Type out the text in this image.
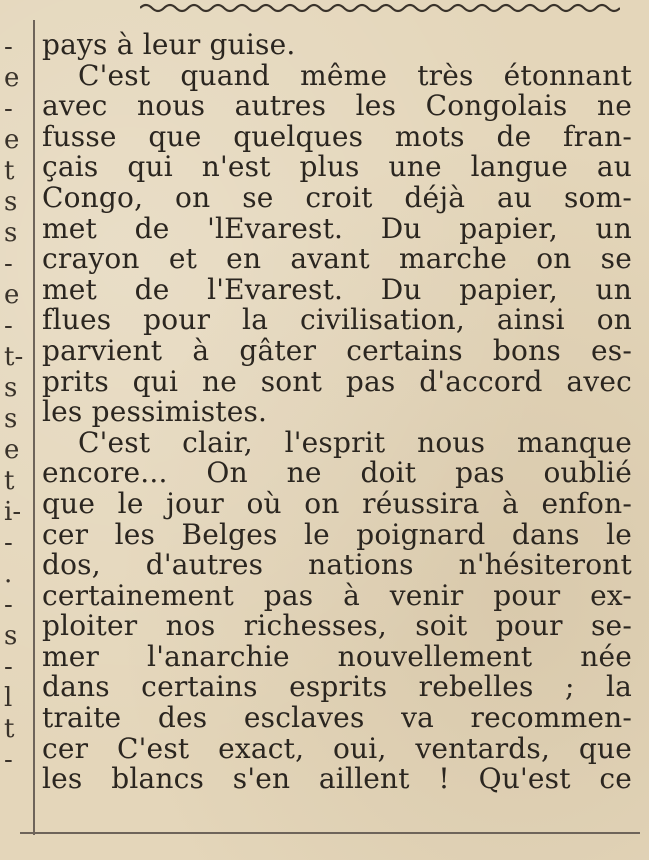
-
e
-
e
t
s
s
-
e
-
t-
s
s
e
t
i-
-
.
-
s
-
l
t
-
pays à leur guise.
C'est quand même très étonnant
avec nous autres les Congolais ne
fusse que quelques mots de fran-
çais qui n'est plus une langue au
Congo, on se croit déjà au som-
met de 'lEvarest. Du papier, un
crayon et en avant marche on se
met de l'Evarest. Du papier, un
flues pour la civilisation, ainsi on
parvient à gâter certains bons es-
prits qui ne sont pas d'accord avec
les pessimistes.
C'est clair, l'esprit nous manque
encore... On ne doit pas oublié
que le jour où on réussira à enfon-
cer les Belges le poignard dans le
dos, d'autres nations n'hésiteront
certainement pas à venir pour ex-
ploiter nos richesses, soit pour se-
mer l'anarchie nouvellement née
dans certains esprits rebelles ; la
traite des esclaves va recommen-
cer C'est exact, oui, ventards, que
les blancs s'en aillent ! Qu'est ce
